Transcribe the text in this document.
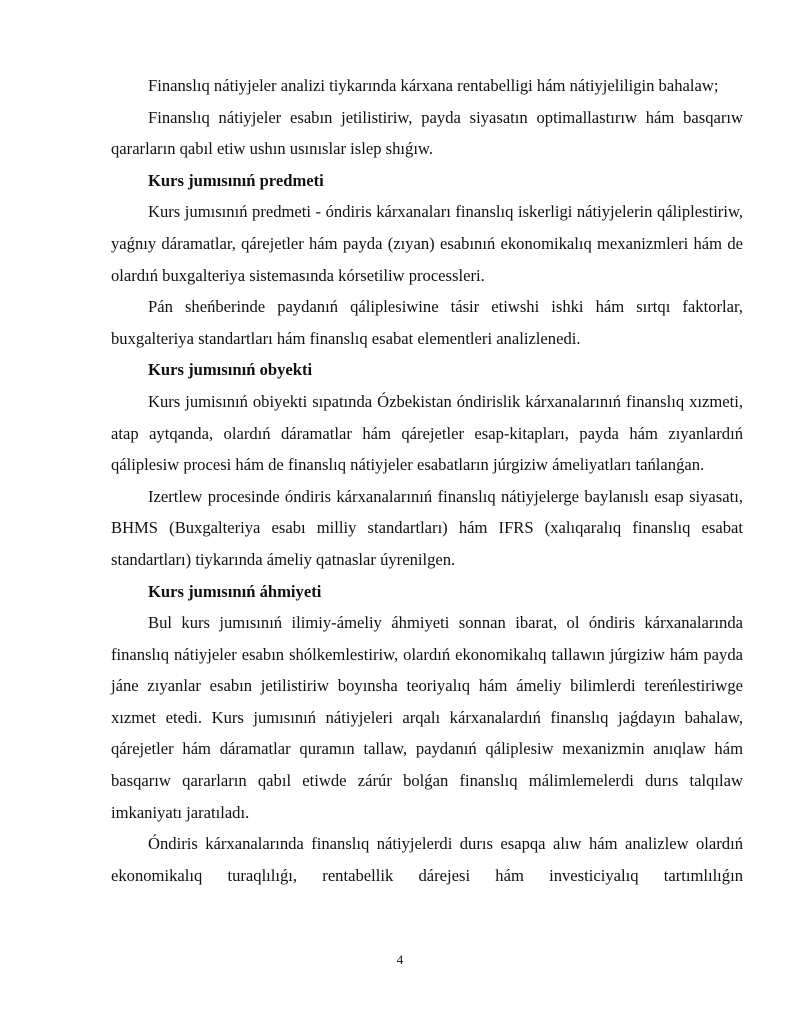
Finanslıq nátiyjeler analizi tiykarında kárxana rentabelligi hám nátiyjeliligin bahalaw;

Finanslıq nátiyjeler esabın jetilistiriw, payda siyasatın optimallastırıw hám basqarıw qararların qabıl etiw ushın usınıslar islep shıǵıw.

Kurs jumısınıń predmeti

Kurs jumısınıń predmeti - óndiris kárxanaları finanslıq iskerligi nátiyjelerin qáliplestiriw, yaǵnıy dáramatlar, qárejetler hám payda (zıyan) esabınıń ekonomikalıq mexanizmleri hám de olardıń buxgalteriya sistemasında kórsetiliw processleri.

Pán sheńberinde paydanıń qáliplesiwine tásir etiwshi ishki hám sırtqı faktorlar, buxgalteriya standartları hám finanslıq esabat elementleri analizlenedi.

Kurs jumısınıń obyekti

Kurs jumisınıń obiyekti sıpatında Ózbekistan óndirislik kárxanalarınıń finanslıq xızmeti, atap aytqanda, olardıń dáramatlar hám qárejetler esap-kitapları, payda hám zıyanlardıń qáliplesiw procesi hám de finanslıq nátiyjeler esabatların júrgiziw ámeliyatları tańlanǵan.

Izertlew procesinde óndiris kárxanalarınıń finanslıq nátiyjelerge baylanıslı esap siyasatı, BHMS (Buxgalteriya esabı milliy standartları) hám IFRS (xalıqaralıq finanslıq esabat standartları) tiykarında ámeliy qatnaslar úyrenilgen.

Kurs jumısınıń áhmiyeti

Bul kurs jumısınıń ilimiy-ámeliy áhmiyeti sonnan ibarat, ol óndiris kárxanalarında finanslıq nátiyjeler esabın shólkemlestiriw, olardıń ekonomikalıq tallawın júrgiziw hám payda jáne zıyanlar esabın jetilistiriw boyınsha teoriyalıq hám ámeliy bilimlerdi tereńlestiriwge xızmet etedi. Kurs jumısınıń nátiyjeleri arqalı kárxanalardıń finanslıq jaǵdayın bahalaw, qárejetler hám dáramatlar quramın tallaw, paydanıń qáliplesiw mexanizmin anıqlaw hám basqarıw qararların qabıl etiwde zárúr bolǵan finanslıq málimlemelerdi durıs talqılaw imkaniyatı jaratıladı.

Óndiris kárxanalarında finanslıq nátiyjelerdi durıs esapqa alıw hám analizlew olardıń ekonomikalıq turaqlılıǵı, rentabellik dárejesi hám investiciyalıq tartımlılıǵın

4
